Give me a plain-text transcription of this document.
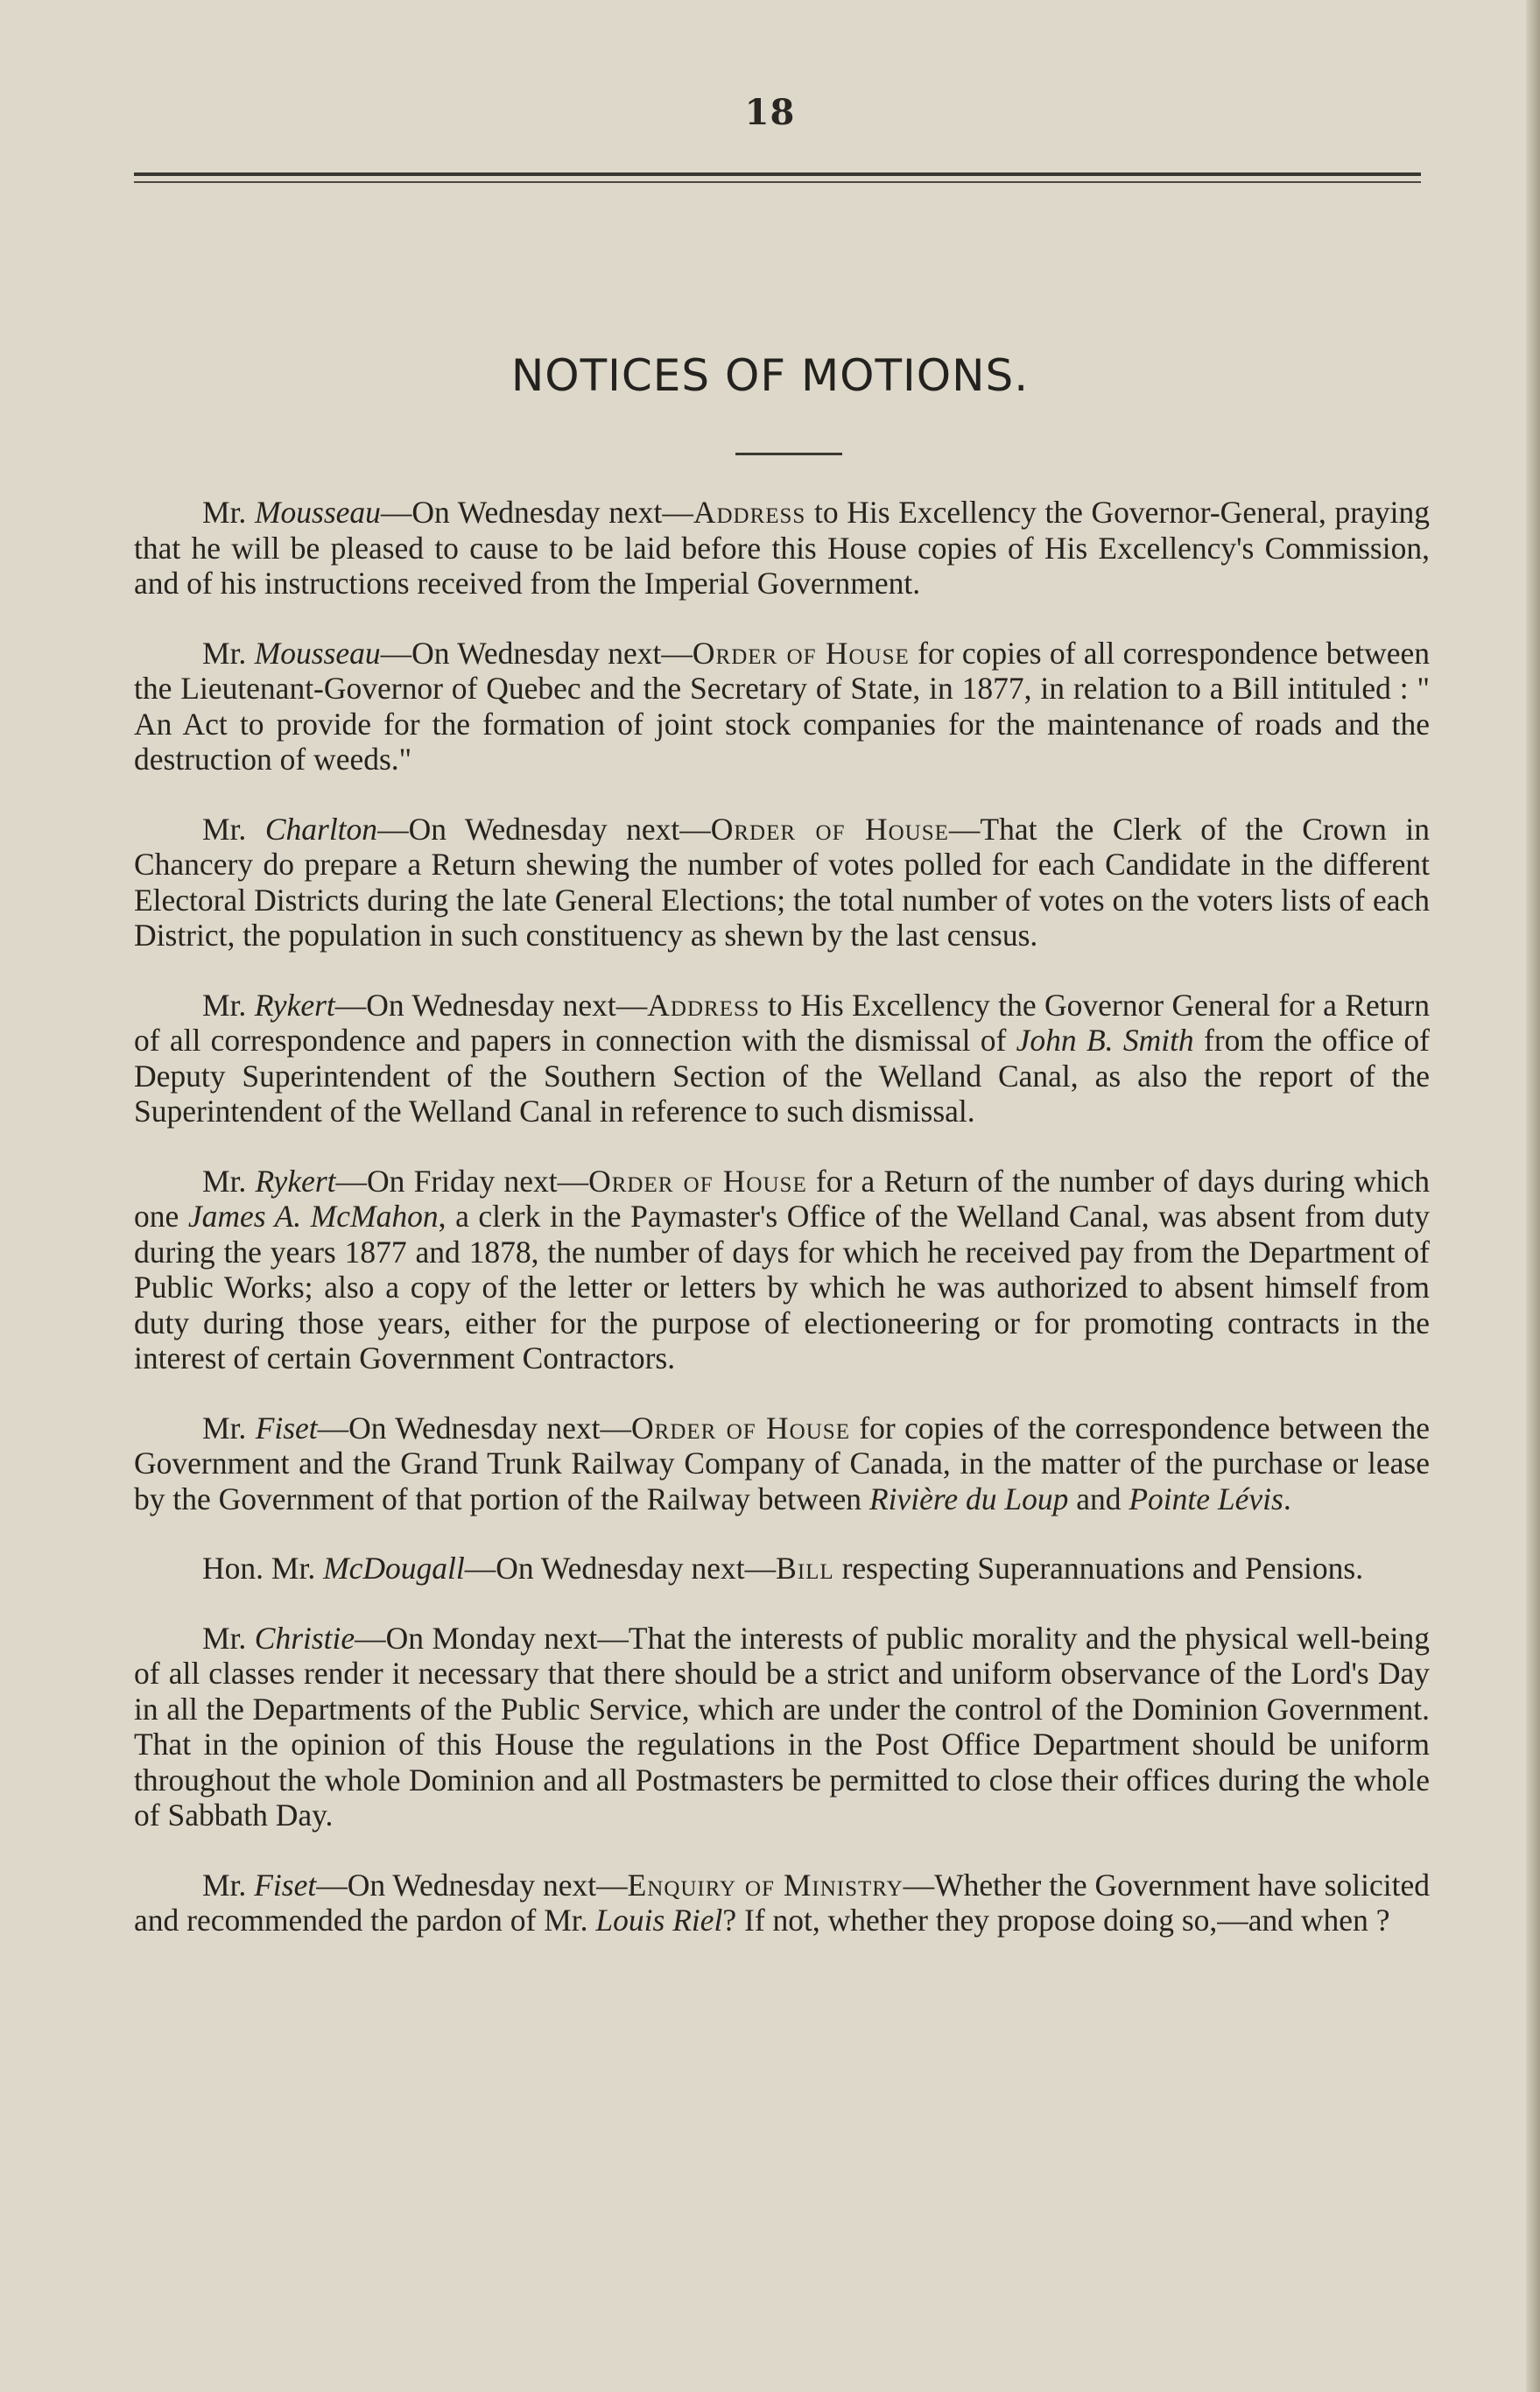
18
NOTICES OF MOTIONS.

Mr. Mousseau—On Wednesday next—Address to His Excellency the Governor-General, praying that he will be pleased to cause to be laid before this House copies of His Excellency's Commission, and of his instructions received from the Imperial Government.

Mr. Mousseau—On Wednesday next—Order of House for copies of all correspondence between the Lieutenant-Governor of Quebec and the Secretary of State, in 1877, in relation to a Bill intituled : " An Act to provide for the formation of joint stock companies for the maintenance of roads and the destruction of weeds."

Mr. Charlton—On Wednesday next—Order of House—That the Clerk of the Crown in Chancery do prepare a Return shewing the number of votes polled for each Candidate in the different Electoral Districts during the late General Elections; the total number of votes on the voters lists of each District, the population in such constituency as shewn by the last census.

Mr. Rykert—On Wednesday next—Address to His Excellency the Governor General for a Return of all correspondence and papers in connection with the dismissal of John B. Smith from the office of Deputy Superintendent of the Southern Section of the Welland Canal, as also the report of the Superintendent of the Welland Canal in reference to such dismissal.

Mr. Rykert—On Friday next—Order of House for a Return of the number of days during which one James A. McMahon, a clerk in the Paymaster's Office of the Welland Canal, was absent from duty during the years 1877 and 1878, the number of days for which he received pay from the Department of Public Works; also a copy of the letter or letters by which he was authorized to absent himself from duty during those years, either for the purpose of electioneering or for promoting contracts in the interest of certain Government Contractors.

Mr. Fiset—On Wednesday next—Order of House for copies of the correspondence between the Government and the Grand Trunk Railway Company of Canada, in the matter of the purchase or lease by the Government of that portion of the Railway between Rivière du Loup and Pointe Lévis.

Hon. Mr. McDougall—On Wednesday next—Bill respecting Superannuations and Pensions.

Mr. Christie—On Monday next—That the interests of public morality and the physical well-being of all classes render it necessary that there should be a strict and uniform observance of the Lord's Day in all the Departments of the Public Service, which are under the control of the Dominion Government. That in the opinion of this House the regulations in the Post Office Department should be uniform throughout the whole Dominion and all Postmasters be permitted to close their offices during the whole of Sabbath Day.

Mr. Fiset—On Wednesday next—Enquiry of Ministry—Whether the Government have solicited and recommended the pardon of Mr. Louis Riel? If not, whether they propose doing so,—and when ?
